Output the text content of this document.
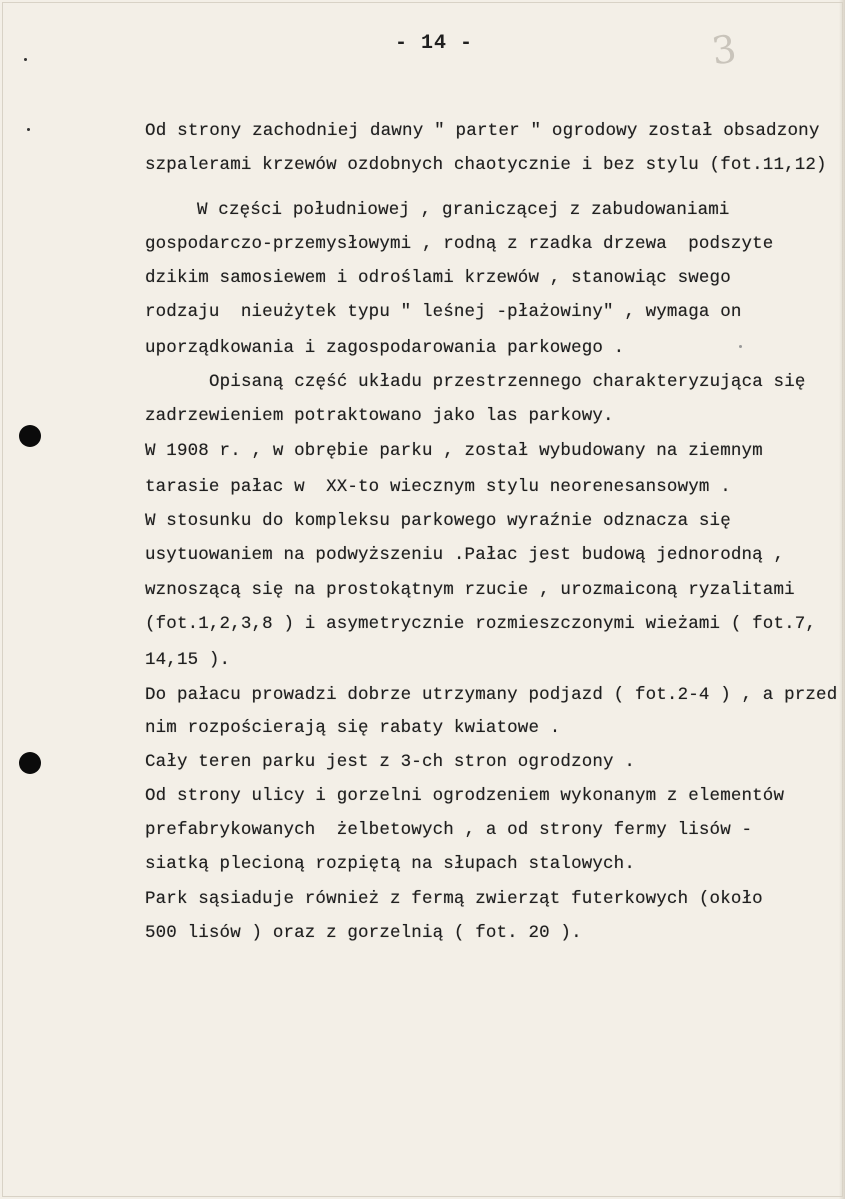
- 14 -	3
Od strony zachodniej dawny " parter " ogrodowy został obsadzony
szpalerami krzewów ozdobnych chaotycznie i bez stylu (fot.11,12)
W części południowej , graniczącej z zabudowaniami
gospodarczo-przemysłowymi , rodną z rzadka drzewa  podszyte
dzikim samosiewem i odroślami krzewów , stanowiąc swego
rodzaju  nieużytek typu " leśnej -płażowiny" , wymaga on
uporządkowania i zagospodarowania parkowego .
Opisaną część układu przestrzennego charakteryzująca się
zadrzewieniem potraktowano jako las parkowy.
W 1908 r. , w obrębie parku , został wybudowany na ziemnym
tarasie pałac w  XX-to wiecznym stylu neorenesansowym .
W stosunku do kompleksu parkowego wyraźnie odznacza się
usytuowaniem na podwyższeniu .Pałac jest budową jednorodną ,
wznoszącą się na prostokątnym rzucie , urozmaiconą ryzalitami
(fot.1,2,3,8 ) i asymetrycznie rozmieszczonymi wieżami ( fot.7,
14,15 ).
Do pałacu prowadzi dobrze utrzymany podjazd ( fot.2-4 ) , a przed
nim rozpościerają się rabaty kwiatowe .
Cały teren parku jest z 3-ch stron ogrodzony .
Od strony ulicy i gorzelni ogrodzeniem wykonanym z elementów
prefabrykowanych  żelbetowych , a od strony fermy lisów -
siatką plecioną rozpiętą na słupach stalowych.
Park sąsiaduje również z fermą zwierząt futerkowych (około
500 lisów ) oraz z gorzelnią ( fot. 20 ).
